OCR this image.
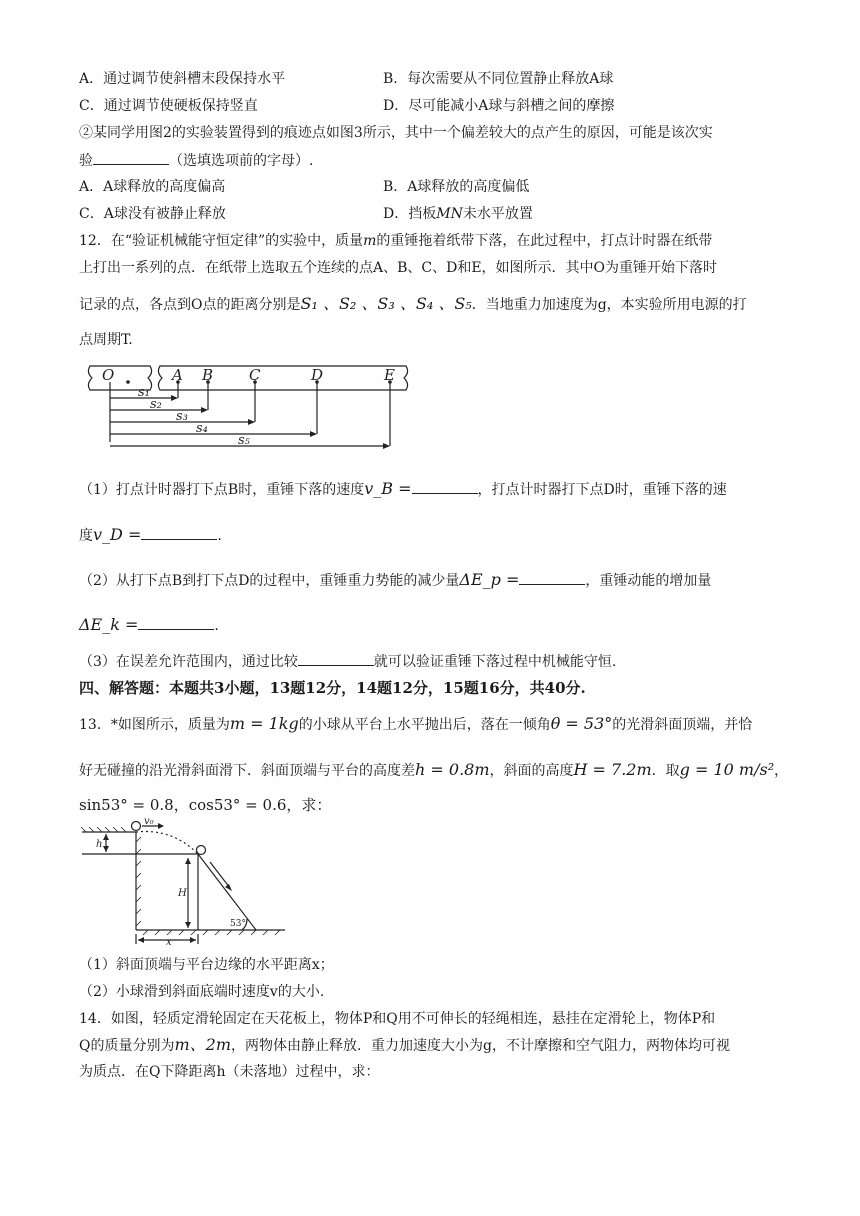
A．通过调节使斜槽末段保持水平	B．每次需要从不同位置静止释放A球
C．通过调节使硬板保持竖直	D．尽可能减小A球与斜槽之间的摩擦
②某同学用图2的实验装置得到的痕迹点如图3所示，其中一个偏差较大的点产生的原因，可能是该次实
验	（选填选项前的字母）.
A．A球释放的高度偏高	B．A球释放的高度偏低
C．A球没有被静止释放	D．挡板MN未水平放置
12．在“验证机械能守恒定律”的实验中，质量m的重锤拖着纸带下落，在此过程中，打点计时器在纸带
上打出一系列的点．在纸带上选取五个连续的点A、B、C、D和E，如图所示．其中O为重锤开始下落时
记录的点，各点到O点的距离分别是S₁ 、S₂ 、S₃ 、S₄ 、S₅．当地重力加速度为g，本实验所用电源的打
点周期T.
O	A B C	D	E
s₁
s₂
s₃
s₄
s₅
（1）打点计时器打下点B时，重锤下落的速度v_B =	，打点计时器打下点D时，重锤下落的速
度v_D =	.
（2）从打下点B到打下点D的过程中，重锤重力势能的减少量ΔE_p =	，重锤动能的增加量
ΔE_k =	.
（3）在误差允许范围内，通过比较	就可以验证重锤下落过程中机械能守恒.
四、解答题：本题共3小题，13题12分，14题12分，15题16分，共40分.
13．*如图所示，质量为m = 1kg的小球从平台上水平抛出后，落在一倾角θ = 53°的光滑斜面顶端，并恰
好无碰撞的沿光滑斜面滑下．斜面顶端与平台的高度差h = 0.8m，斜面的高度H = 7.2m．取g = 10 m/s²，
sin53° = 0.8，cos53° = 0.6，求：
v₀
h
H
x
53°
（1）斜面顶端与平台边缘的水平距离x；
（2）小球滑到斜面底端时速度v的大小.
14．如图，轻质定滑轮固定在天花板上，物体P和Q用不可伸长的轻绳相连，悬挂在定滑轮上，物体P和
Q的质量分别为m、2m，两物体由静止释放．重力加速度大小为g，不计摩擦和空气阻力，两物体均可视
为质点．在Q下降距离h（未落地）过程中，求：
